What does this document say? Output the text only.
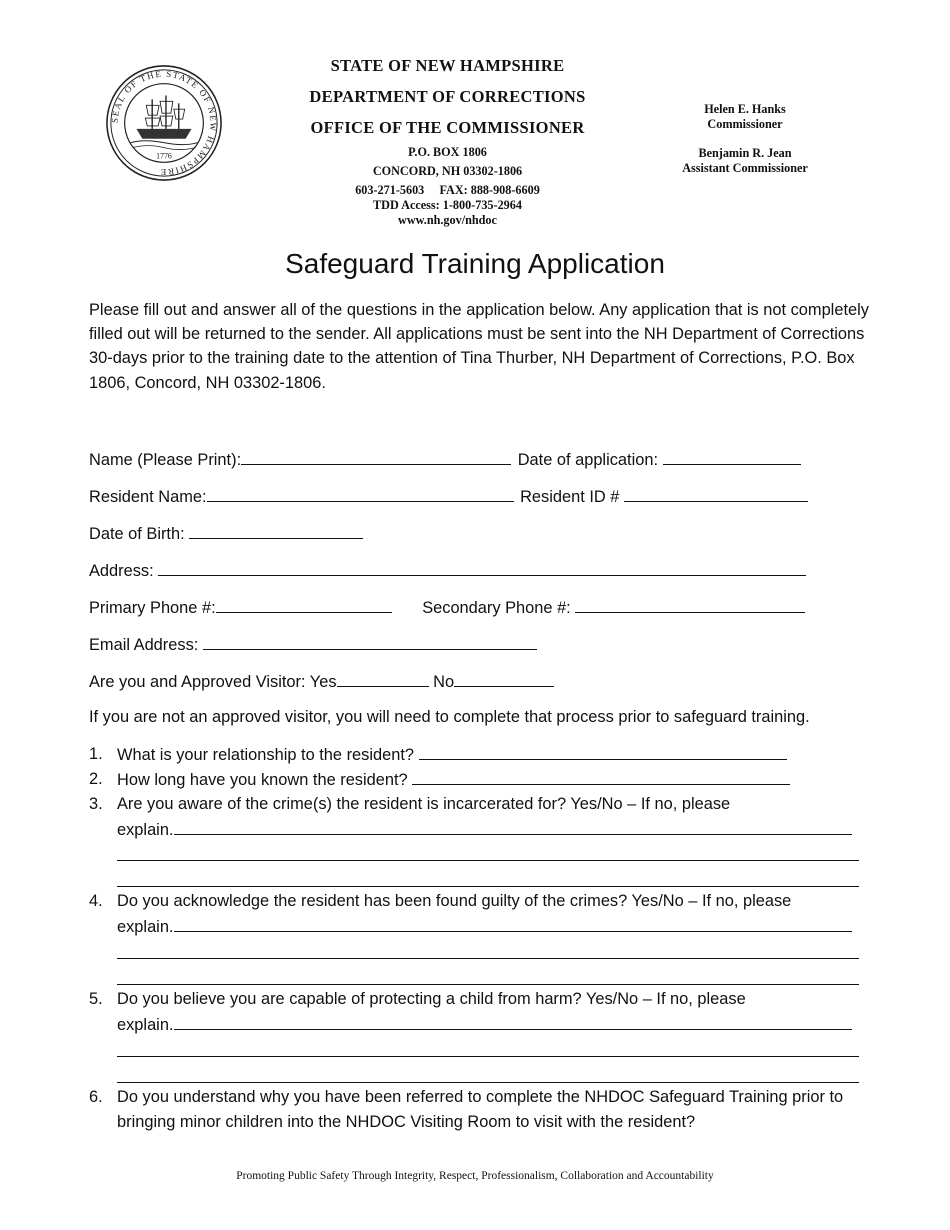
SEAL OF THE STATE OF NEW HAMPSHIRE
1776

STATE OF NEW HAMPSHIRE

DEPARTMENT OF CORRECTIONS

OFFICE OF THE COMMISSIONER

P.O. BOX 1806

CONCORD, NH 03302-1806

603-271-5603     FAX: 888-908-6609

TDD Access: 1-800-735-2964

www.nh.gov/nhdoc

Helen E. Hanks
Commissioner
Benjamin R. Jean
Assistant Commissioner
Safeguard Training Application
Please fill out and answer all of the questions in the application below. Any application that is not completely filled out will be returned to the sender. All applications must be sent into the NH Department of Corrections 30-days prior to the training date to the attention of Tina Thurber, NH Department of Corrections, P.O. Box 1806, Concord, NH 03302-1806.
Name (Please Print):	Date of application:
Resident Name:	Resident ID #
Date of Birth:
Address:
Primary Phone #:	Secondary Phone #:
Email Address:
Are you and Approved Visitor: Yes	No
If you are not an approved visitor, you will need to complete that process prior to safeguard training.
1. What is your relationship to the resident?
2. How long have you known the resident?
3. Are you aware of the crime(s) the resident is incarcerated for? Yes/No – If no, please
explain.
4. Do you acknowledge the resident has been found guilty of the crimes? Yes/No – If no, please
explain.
5. Do you believe you are capable of protecting a child from harm? Yes/No – If no, please
explain.
6. Do you understand why you have been referred to complete the NHDOC Safeguard Training prior to bringing minor children into the NHDOC Visiting Room to visit with the resident?
Promoting Public Safety Through Integrity, Respect, Professionalism, Collaboration and Accountability
